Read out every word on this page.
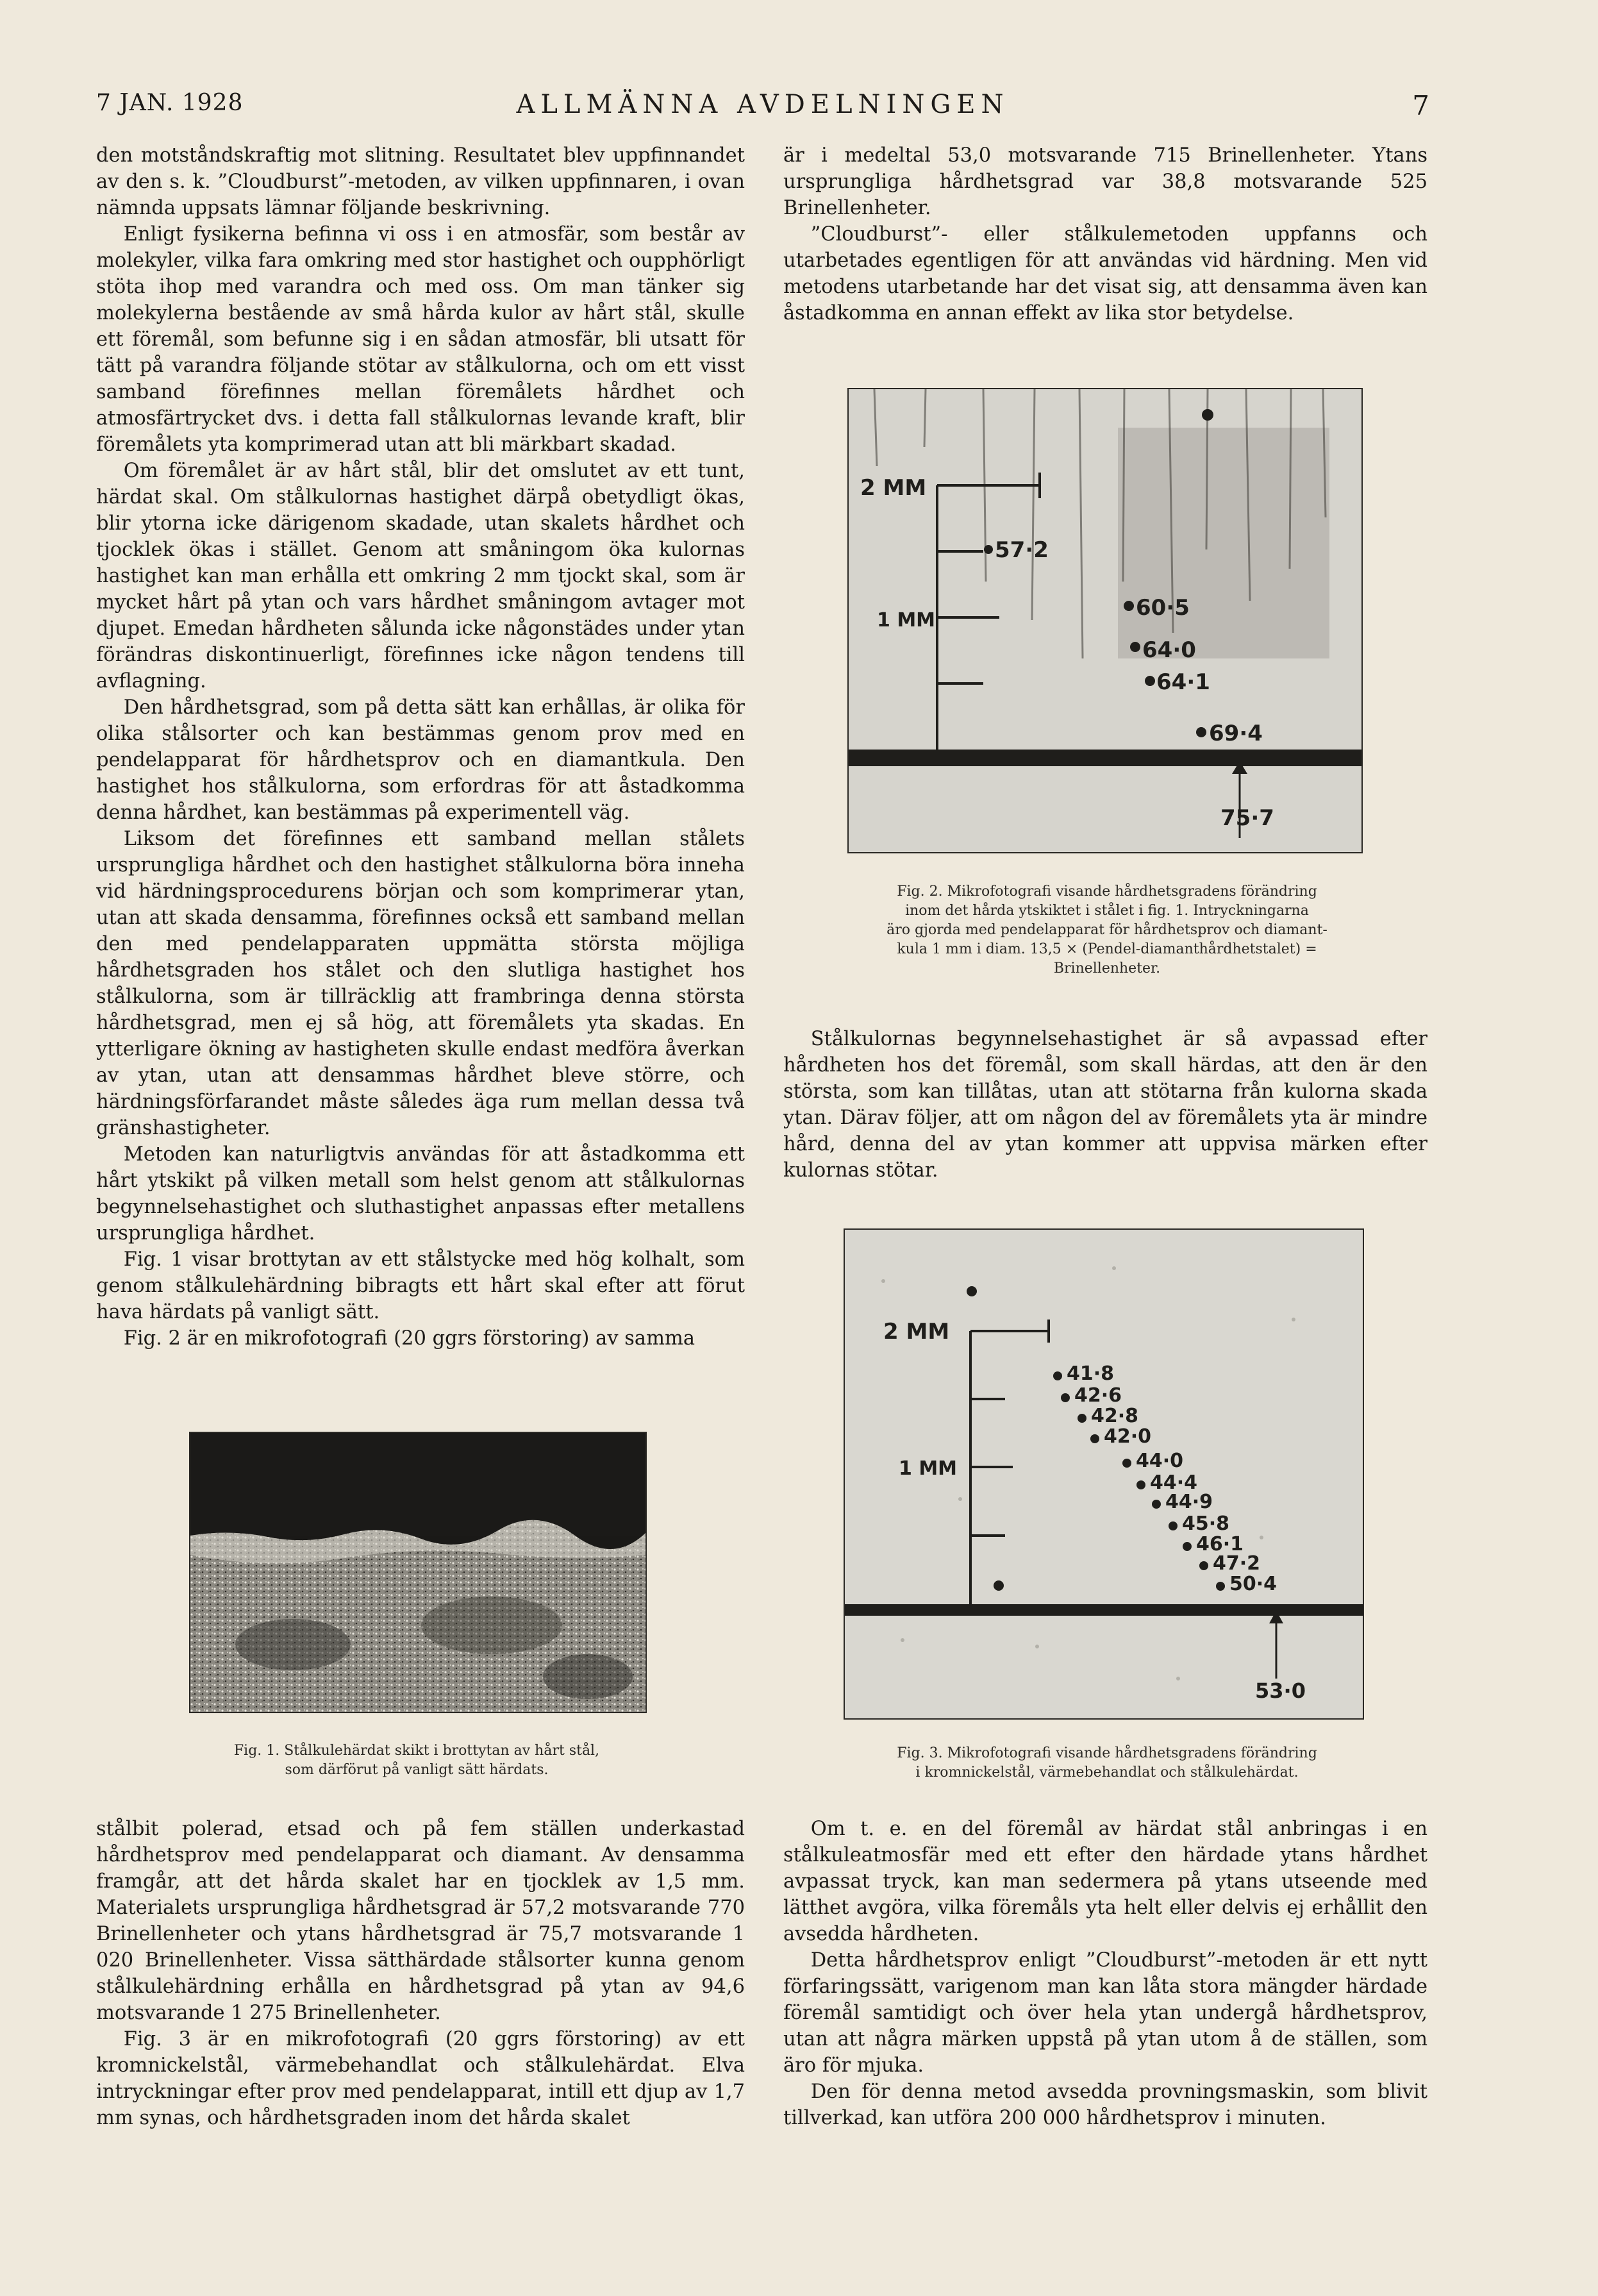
7 JAN. 1928	ALLMÄNNA AVDELNINGEN	7

den motståndskraftig mot slitning. Resultatet blev uppfinnandet av den s. k. ”Cloudburst”-metoden, av vilken uppfinnaren, i ovan nämnda uppsats lämnar följande beskrivning.

Enligt fysikerna befinna vi oss i en atmosfär, som består av molekyler, vilka fara omkring med stor hastighet och oupphörligt stöta ihop med varandra och med oss. Om man tänker sig molekylerna bestående av små hårda kulor av hårt stål, skulle ett föremål, som befunne sig i en sådan atmosfär, bli utsatt för tätt på varandra följande stötar av stålkulorna, och om ett visst samband förefinnes mellan föremålets hårdhet och atmosfärtrycket dvs. i detta fall stålkulornas levande kraft, blir föremålets yta komprimerad utan att bli märkbart skadad.

Om föremålet är av hårt stål, blir det omslutet av ett tunt, härdat skal. Om stålkulornas hastighet därpå obetydligt ökas, blir ytorna icke därigenom skadade, utan skalets hårdhet och tjocklek ökas i stället. Genom att småningom öka kulornas hastighet kan man erhålla ett omkring 2 mm tjockt skal, som är mycket hårt på ytan och vars hårdhet småningom avtager mot djupet. Emedan hårdheten sålunda icke någonstädes under ytan förändras diskontinuerligt, förefinnes icke någon tendens till avflagning.

Den hårdhetsgrad, som på detta sätt kan erhållas, är olika för olika stålsorter och kan bestämmas genom prov med en pendelapparat för hårdhetsprov och en diamantkula. Den hastighet hos stålkulorna, som erfordras för att åstadkomma denna hårdhet, kan bestämmas på experimentell väg.

Liksom det förefinnes ett samband mellan stålets ursprungliga hårdhet och den hastighet stålkulorna böra inneha vid härdningsprocedurens början och som komprimerar ytan, utan att skada densamma, förefinnes också ett samband mellan den med pendelapparaten uppmätta största möjliga hårdhetsgraden hos stålet och den slutliga hastighet hos stålkulorna, som är tillräcklig att frambringa denna största hårdhetsgrad, men ej så hög, att föremålets yta skadas. En ytterligare ökning av hastigheten skulle endast medföra åverkan av ytan, utan att densammas hårdhet bleve större, och härdningsförfarandet måste således äga rum mellan dessa två gränshastigheter.

Metoden kan naturligtvis användas för att åstadkomma ett hårt ytskikt på vilken metall som helst genom att stålkulornas begynnelsehastighet och sluthastighet anpassas efter metallens ursprungliga hårdhet.

Fig. 1 visar brottytan av ett stålstycke med hög kolhalt, som genom stålkulehärdning bibragts ett hårt skal efter att förut hava härdats på vanligt sätt.

Fig. 2 är en mikrofotografi (20 ggrs förstoring) av samma

Fig. 1. Stålkulehärdat skikt i brottytan av hårt stål,
som därförut på vanligt sätt härdats.

stålbit polerad, etsad och på fem ställen underkastad hårdhetsprov med pendelapparat och diamant. Av densamma framgår, att det hårda skalet har en tjocklek av 1,5 mm. Materialets ursprungliga hårdhetsgrad är 57,2 motsvarande 770 Brinellenheter och ytans hårdhetsgrad är 75,7 motsvarande 1 020 Brinellenheter. Vissa sätthärdade stålsorter kunna genom stålkulehärdning erhålla en hårdhetsgrad på ytan av 94,6 motsvarande 1 275 Brinellenheter.

Fig. 3 är en mikrofotografi (20 ggrs förstoring) av ett kromnickelstål, värmebehandlat och stålkulehärdat. Elva intryckningar efter prov med pendelapparat, intill ett djup av 1,7 mm synas, och hårdhetsgraden inom det hårda skalet

är i medeltal 53,0 motsvarande 715 Brinellenheter. Ytans ursprungliga hårdhetsgrad var 38,8 motsvarande 525 Brinellenheter.

”Cloudburst”- eller stålkulemetoden uppfanns och utarbetades egentligen för att användas vid härdning. Men vid metodens utarbetande har det visat sig, att densamma även kan åstadkomma en annan effekt av lika stor betydelse.

2 MM
1 MM
57·2
60·5
64·0
64·1
69·4
75·7
Fig. 2. Mikrofotografi visande hårdhetsgradens förändring
inom det hårda ytskiktet i stålet i fig. 1. Intryckningarna
äro gjorda med pendelapparat för hårdhetsprov och diamant-
kula 1 mm i diam. 13,5 × (Pendel-diamanthårdhetstalet) =
Brinellenheter.

Stålkulornas begynnelsehastighet är så avpassad efter hårdheten hos det föremål, som skall härdas, att den är den största, som kan tillåtas, utan att stötarna från kulorna skada ytan. Därav följer, att om någon del av föremålets yta är mindre hård, denna del av ytan kommer att uppvisa märken efter kulornas stötar.

2 MM
1 MM
41·8
42·6
42·8
42·0
44·0
44·4
44·9
45·8
46·1
47·2
50·4
53·0
Fig. 3. Mikrofotografi visande hårdhetsgradens förändring
i kromnickelstål, värmebehandlat och stålkulehärdat.

Om t. e. en del föremål av härdat stål anbringas i en stålkuleatmosfär med ett efter den härdade ytans hårdhet avpassat tryck, kan man sedermera på ytans utseende med lätthet avgöra, vilka föremåls yta helt eller delvis ej erhållit den avsedda hårdheten.

Detta hårdhetsprov enligt ”Cloudburst”-metoden är ett nytt förfaringssätt, varigenom man kan låta stora mängder härdade föremål samtidigt och över hela ytan undergå hårdhetsprov, utan att några märken uppstå på ytan utom å de ställen, som äro för mjuka.

Den för denna metod avsedda provningsmaskin, som blivit tillverkad, kan utföra 200 000 hårdhetsprov i minuten.
